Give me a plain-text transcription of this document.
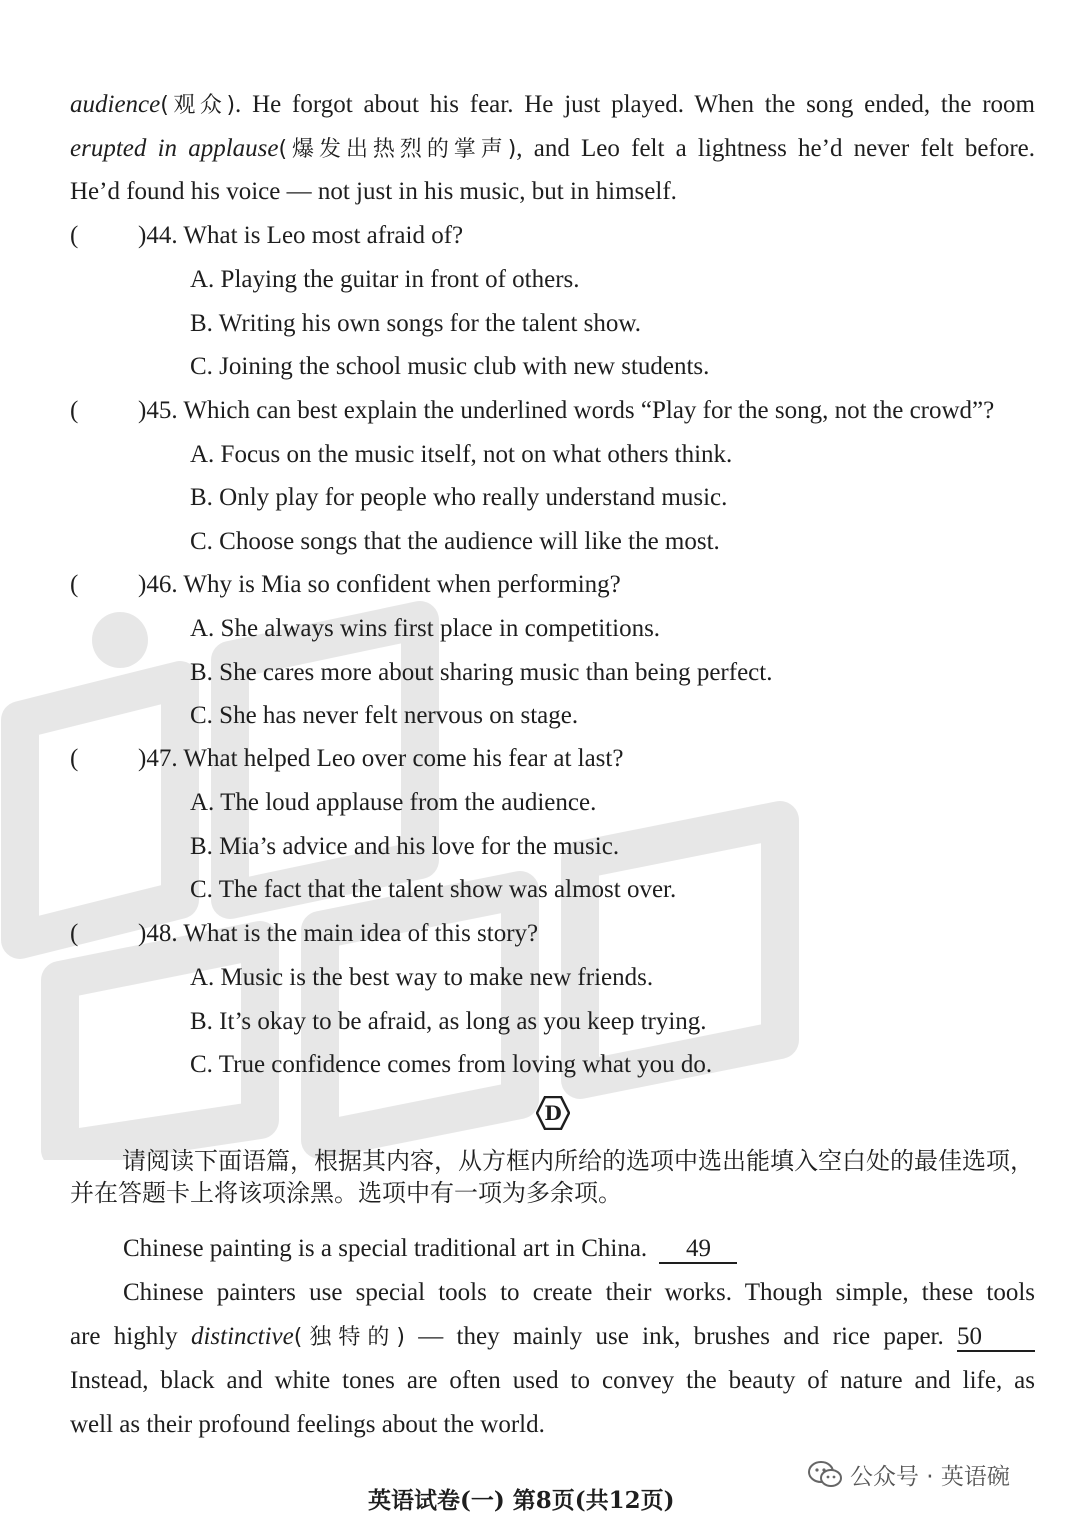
audience(观众). He forgot about his fear. He just played. When the song ended, the room
erupted in applause(爆发出热烈的掌声), and Leo felt a lightness he’d never felt before.
He’d found his voice — not just in his music, but in himself.
( )44. What is Leo most afraid of?
A. Playing the guitar in front of others.
B. Writing his own songs for the talent show.
C. Joining the school music club with new students.
( )45. Which can best explain the underlined words “Play for the song, not the crowd”?
A. Focus on the music itself, not on what others think.
B. Only play for people who really understand music.
C. Choose songs that the audience will like the most.
( )46. Why is Mia so confident when performing?
A. She always wins first place in competitions.
B. She cares more about sharing music than being perfect.
C. She has never felt nervous on stage.
( )47. What helped Leo over come his fear at last?
A. The loud applause from the audience.
B. Mia’s advice and his love for the music.
C. The fact that the talent show was almost over.
( )48. What is the main idea of this story?
A. Music is the best way to make new friends.
B. It’s okay to be afraid, as long as you keep trying.
C. True confidence comes from loving what you do.
D
请阅读下面语篇，根据其内容，从方框内所给的选项中选出能填入空白处的最佳选项，并在答题卡上将该项涂黑。选项中有一项为多余项。
Chinese painting is a special traditional art in China. 49
Chinese painters use special tools to create their works. Though simple, these tools
are highly distinctive(独特的) — they mainly use ink, brushes and rice paper. 50
Instead, black and white tones are often used to convey the beauty of nature and life, as
well as their profound feelings about the world.
公众号 · 英语碗
英语试卷(一) 第8页(共12页)
